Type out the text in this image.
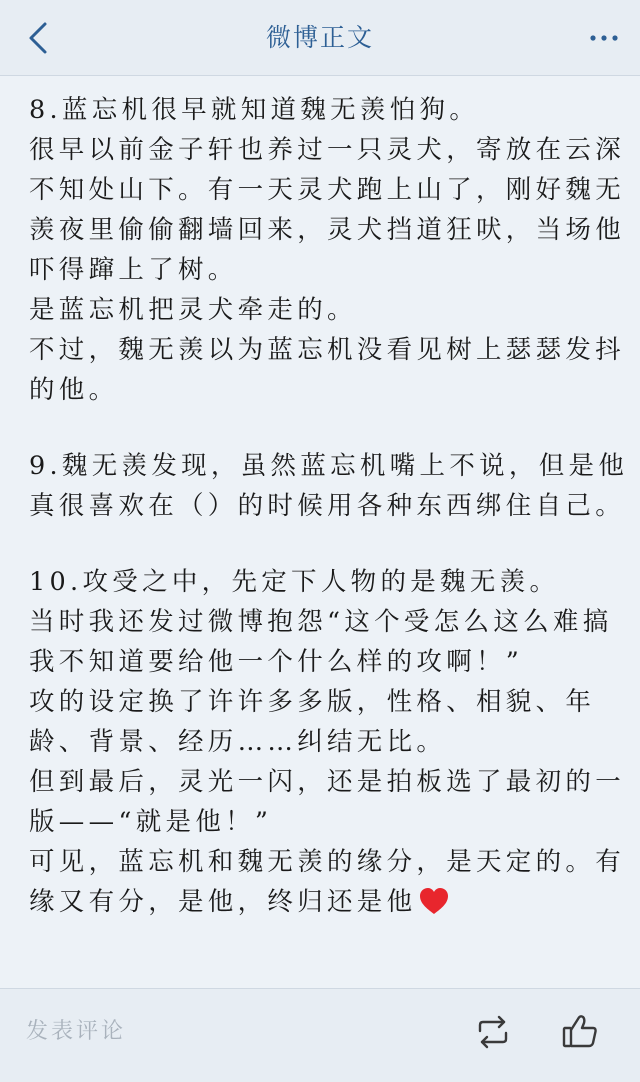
微博正文
8.蓝忘机很早就知道魏无羡怕狗。
很早以前金子轩也养过一只灵犬，寄放在云深
不知处山下。有一天灵犬跑上山了，刚好魏无
羡夜里偷偷翻墙回来，灵犬挡道狂吠，当场他
吓得蹿上了树。
是蓝忘机把灵犬牵走的。
不过，魏无羡以为蓝忘机没看见树上瑟瑟发抖
的他。
9.魏无羡发现，虽然蓝忘机嘴上不说，但是他
真很喜欢在（）的时候用各种东西绑住自己。
10.攻受之中，先定下人物的是魏无羡。
当时我还发过微博抱怨“这个受怎么这么难搞
我不知道要给他一个什么样的攻啊！”
攻的设定换了许许多多版，性格、相貌、年
龄、背景、经历……纠结无比。
但到最后，灵光一闪，还是拍板选了最初的一
版——“就是他！”
可见，蓝忘机和魏无羡的缘分，是天定的。有
缘又有分，是他，终归还是他
发表评论
